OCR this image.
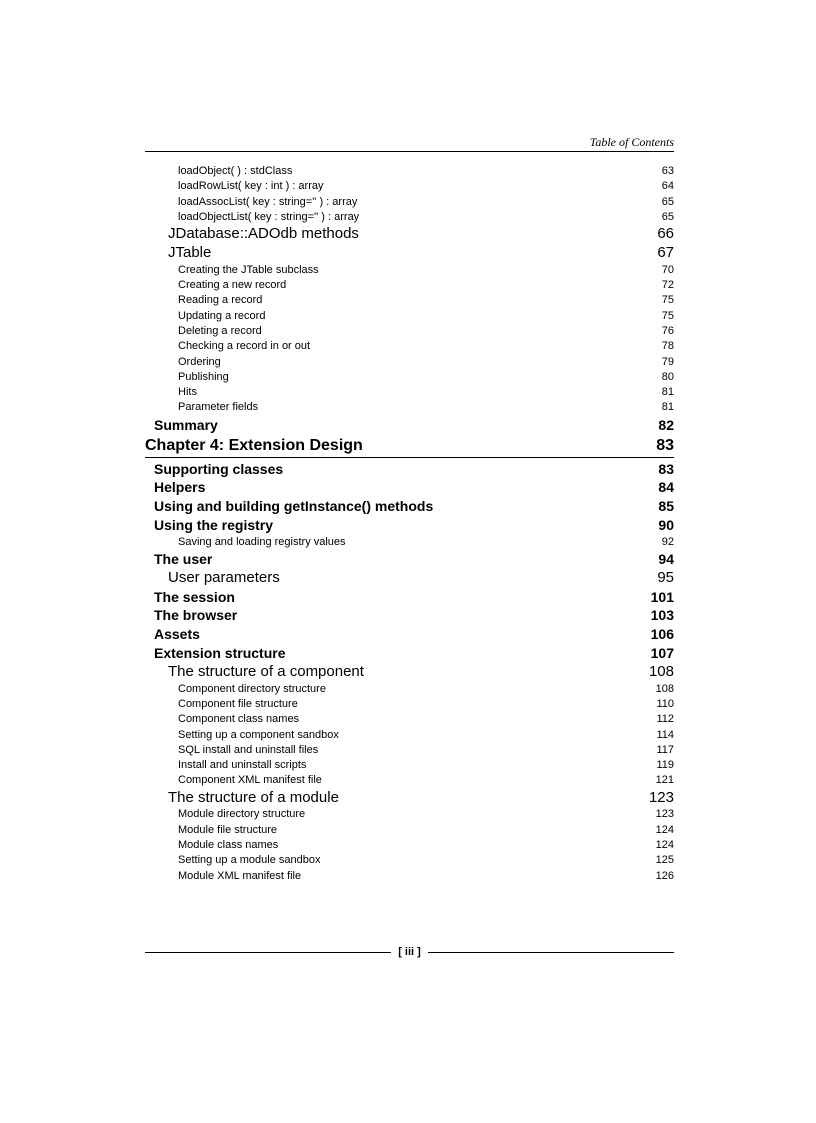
Table of Contents
loadObject( ) : stdClass	63
loadRowList( key : int ) : array	64
loadAssocList( key : string='' ) : array	65
loadObjectList( key : string='' ) : array	65
JDatabase::ADOdb methods	66
JTable	67
Creating the JTable subclass	70
Creating a new record	72
Reading a record	75
Updating a record	75
Deleting a record	76
Checking a record in or out	78
Ordering	79
Publishing	80
Hits	81
Parameter fields	81
Summary	82
Chapter 4: Extension Design	83
Supporting classes	83
Helpers	84
Using and building getInstance() methods	85
Using the registry	90
Saving and loading registry values	92
The user	94
User parameters	95
The session	101
The browser	103
Assets	106
Extension structure	107
The structure of a component	108
Component directory structure	108
Component file structure	110
Component class names	112
Setting up a component sandbox	114
SQL install and uninstall files	117
Install and uninstall scripts	119
Component XML manifest file	121
The structure of a module	123
Module directory structure	123
Module file structure	124
Module class names	124
Setting up a module sandbox	125
Module XML manifest file	126
[ iii ]
